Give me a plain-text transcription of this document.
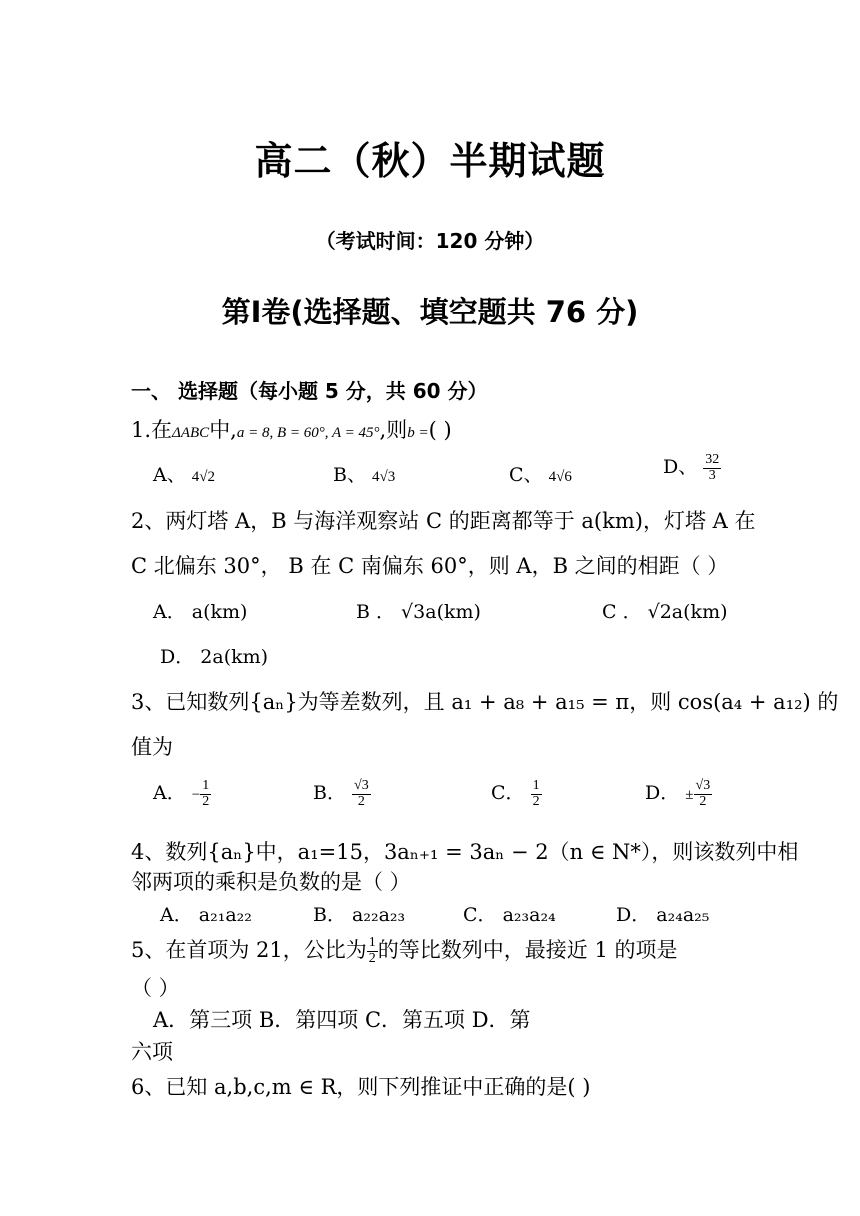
高二（秋）半期试题
（考试时间：120 分钟）
第Ⅰ卷(选择题、填空题共 76 分)
一、 选择题（每小题 5 分，共 60 分）
1.在ΔABC中,a = 8, B = 60°, A = 45°,则b =( )
A、 4√2	B、 4√3	C、 4√6	D、 $\frac{32}{3}$
2、两灯塔 A，B 与海洋观察站 C 的距离都等于 a(km)，灯塔 A 在
C 北偏东 30°， B 在 C 南偏东 60°，则 A，B 之间的相距（ ）
A． a(km)	B ． √3a(km)	C ． √2a(km)
D． 2a(km)
3、已知数列{aₙ}为等差数列，且 a₁ + a₈ + a₁₅ = π，则 cos(a₄ + a₁₂) 的
值为
A． − $\frac{1}{2}$	B． $\frac{√3}{2}$	C． $\frac{1}{2}$	D． ± $\frac{√3}{2}$
4、数列{aₙ}中，a₁=15，3aₙ₊₁ = 3aₙ − 2（n ∈ N*），则该数列中相
邻两项的乘积是负数的是（ ）
A． a₂₁a₂₂	B． a₂₂a₂₃	C． a₂₃a₂₄	D． a₂₄a₂₅
5、在首项为 21，公比为 $\frac{1}{2}$ 的等比数列中，最接近 1 的项是
（ ）
A．第三项 B．第四项 C．第五项 D．第
六项
6、已知 a,b,c,m ∈ R，则下列推证中正确的是( )
